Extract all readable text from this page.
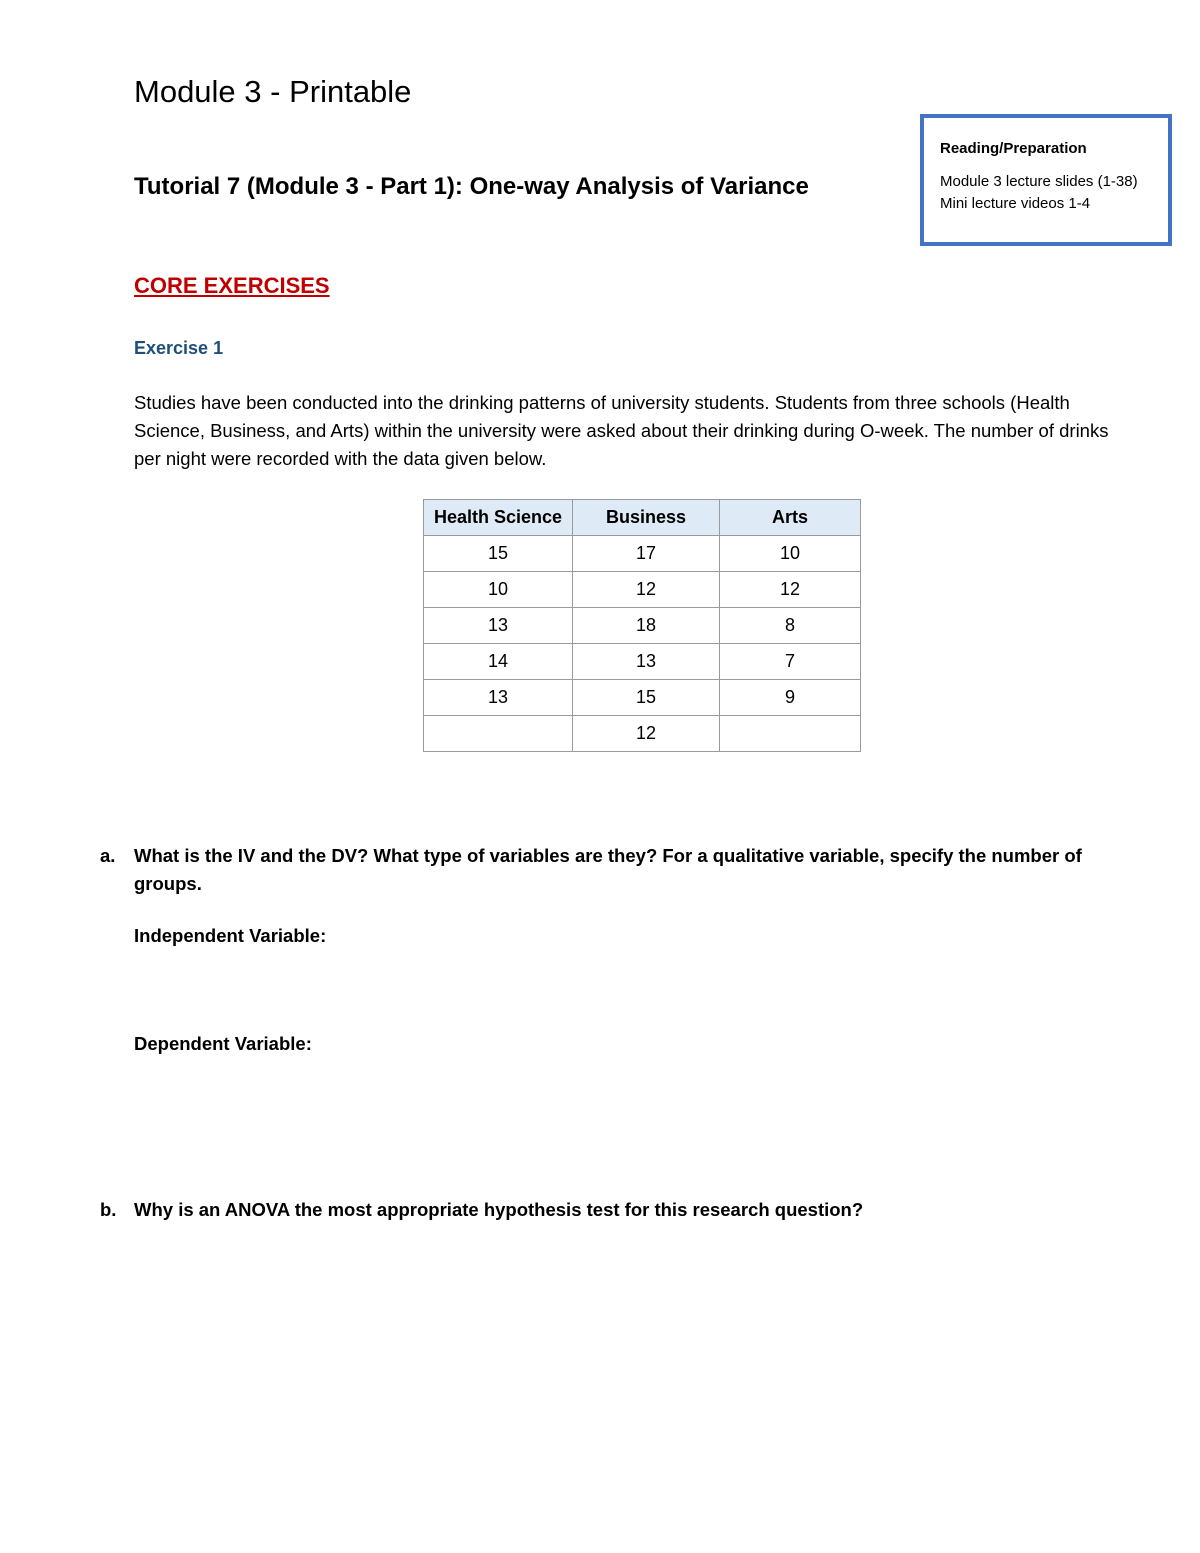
Module 3 - Printable
Tutorial 7 (Module 3 - Part 1): One-way Analysis of Variance
Reading/Preparation
Module 3 lecture slides (1-38)
Mini lecture videos 1-4
CORE EXERCISES
Exercise 1

Studies have been conducted into the drinking patterns of university students. Students from three schools (Health Science, Business, and Arts) within the university were asked about their drinking during O-week. The number of drinks per night were recorded with the data given below.

Health Science	Business	Arts
15	17	10
10	12	12
13	18	8
14	13	7
13	15	9
	12	
a.	What is the IV and the DV? What type of variables are they? For a qualitative variable, specify the number of groups.

Independent Variable:

Dependent Variable:

b. Why is an ANOVA the most appropriate hypothesis test for this research question?
